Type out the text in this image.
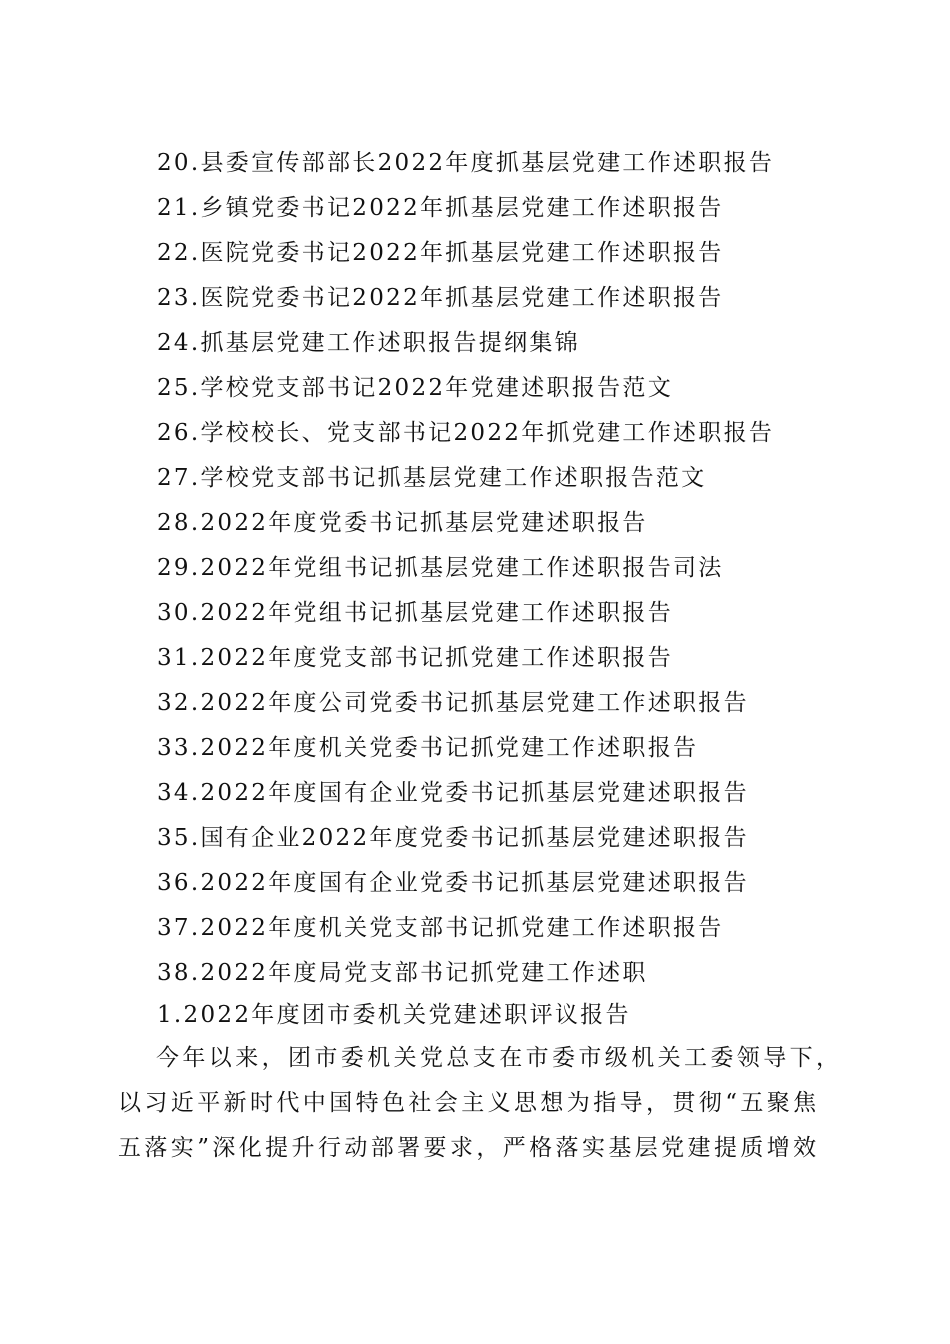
20.县委宣传部部长2022年度抓基层党建工作述职报告
21.乡镇党委书记2022年抓基层党建工作述职报告
22.医院党委书记2022年抓基层党建工作述职报告
23.医院党委书记2022年抓基层党建工作述职报告
24.抓基层党建工作述职报告提纲集锦
25.学校党支部书记2022年党建述职报告范文
26.学校校长、党支部书记2022年抓党建工作述职报告
27.学校党支部书记抓基层党建工作述职报告范文
28.2022年度党委书记抓基层党建述职报告
29.2022年党组书记抓基层党建工作述职报告司法
30.2022年党组书记抓基层党建工作述职报告
31.2022年度党支部书记抓党建工作述职报告
32.2022年度公司党委书记抓基层党建工作述职报告
33.2022年度机关党委书记抓党建工作述职报告
34.2022年度国有企业党委书记抓基层党建述职报告
35.国有企业2022年度党委书记抓基层党建述职报告
36.2022年度国有企业党委书记抓基层党建述职报告
37.2022年度机关党支部书记抓党建工作述职报告
38.2022年度局党支部书记抓党建工作述职
1.2022年度团市委机关党建述职评议报告
今年以来，团市委机关党总支在市委市级机关工委领导下，
以习近平新时代中国特色社会主义思想为指导，贯彻“五聚焦
五落实”深化提升行动部署要求，严格落实基层党建提质增效
